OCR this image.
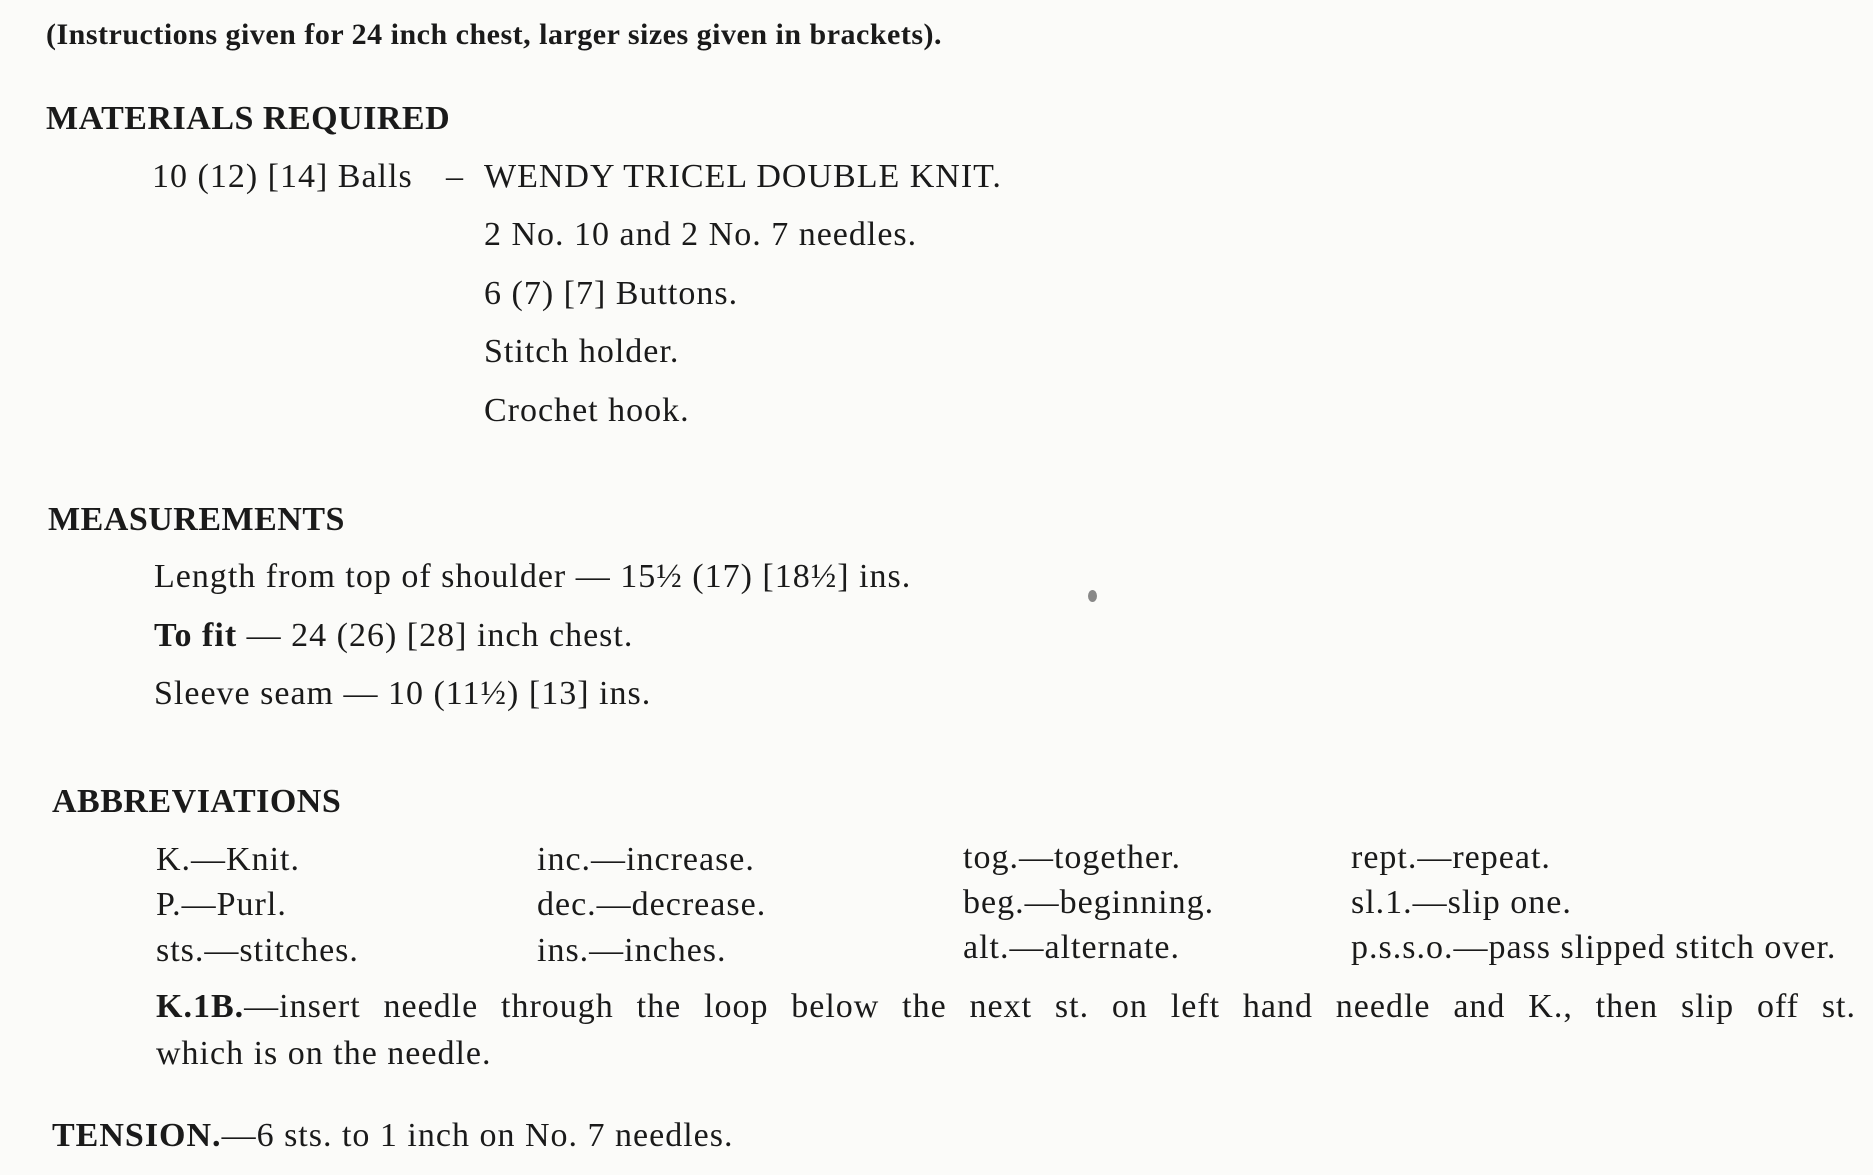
(Instructions given for 24 inch chest, larger sizes given in brackets).
MATERIALS REQUIRED
10 (12) [14] Balls – WENDY TRICEL DOUBLE KNIT.
2 No. 10 and 2 No. 7 needles.
6 (7) [7] Buttons.
Stitch holder.
Crochet hook.
MEASUREMENTS
Length from top of shoulder — 15½ (17) [18½] ins.
To fit — 24 (26) [28] inch chest.
Sleeve seam — 10 (11½) [13] ins.
ABBREVIATIONS
K.—Knit.
P.—Purl.
sts.—stitches.
inc.—increase.
dec.—decrease.
ins.—inches.
tog.—together.
beg.—beginning.
alt.—alternate.
rept.—repeat.
sl.1.—slip one.
p.s.s.o.—pass slipped stitch over.
K.1B.—insert needle through the loop below the next st. on left hand needle and K., then slip off st.
which is on the needle.
TENSION.—6 sts. to 1 inch on No. 7 needles.
